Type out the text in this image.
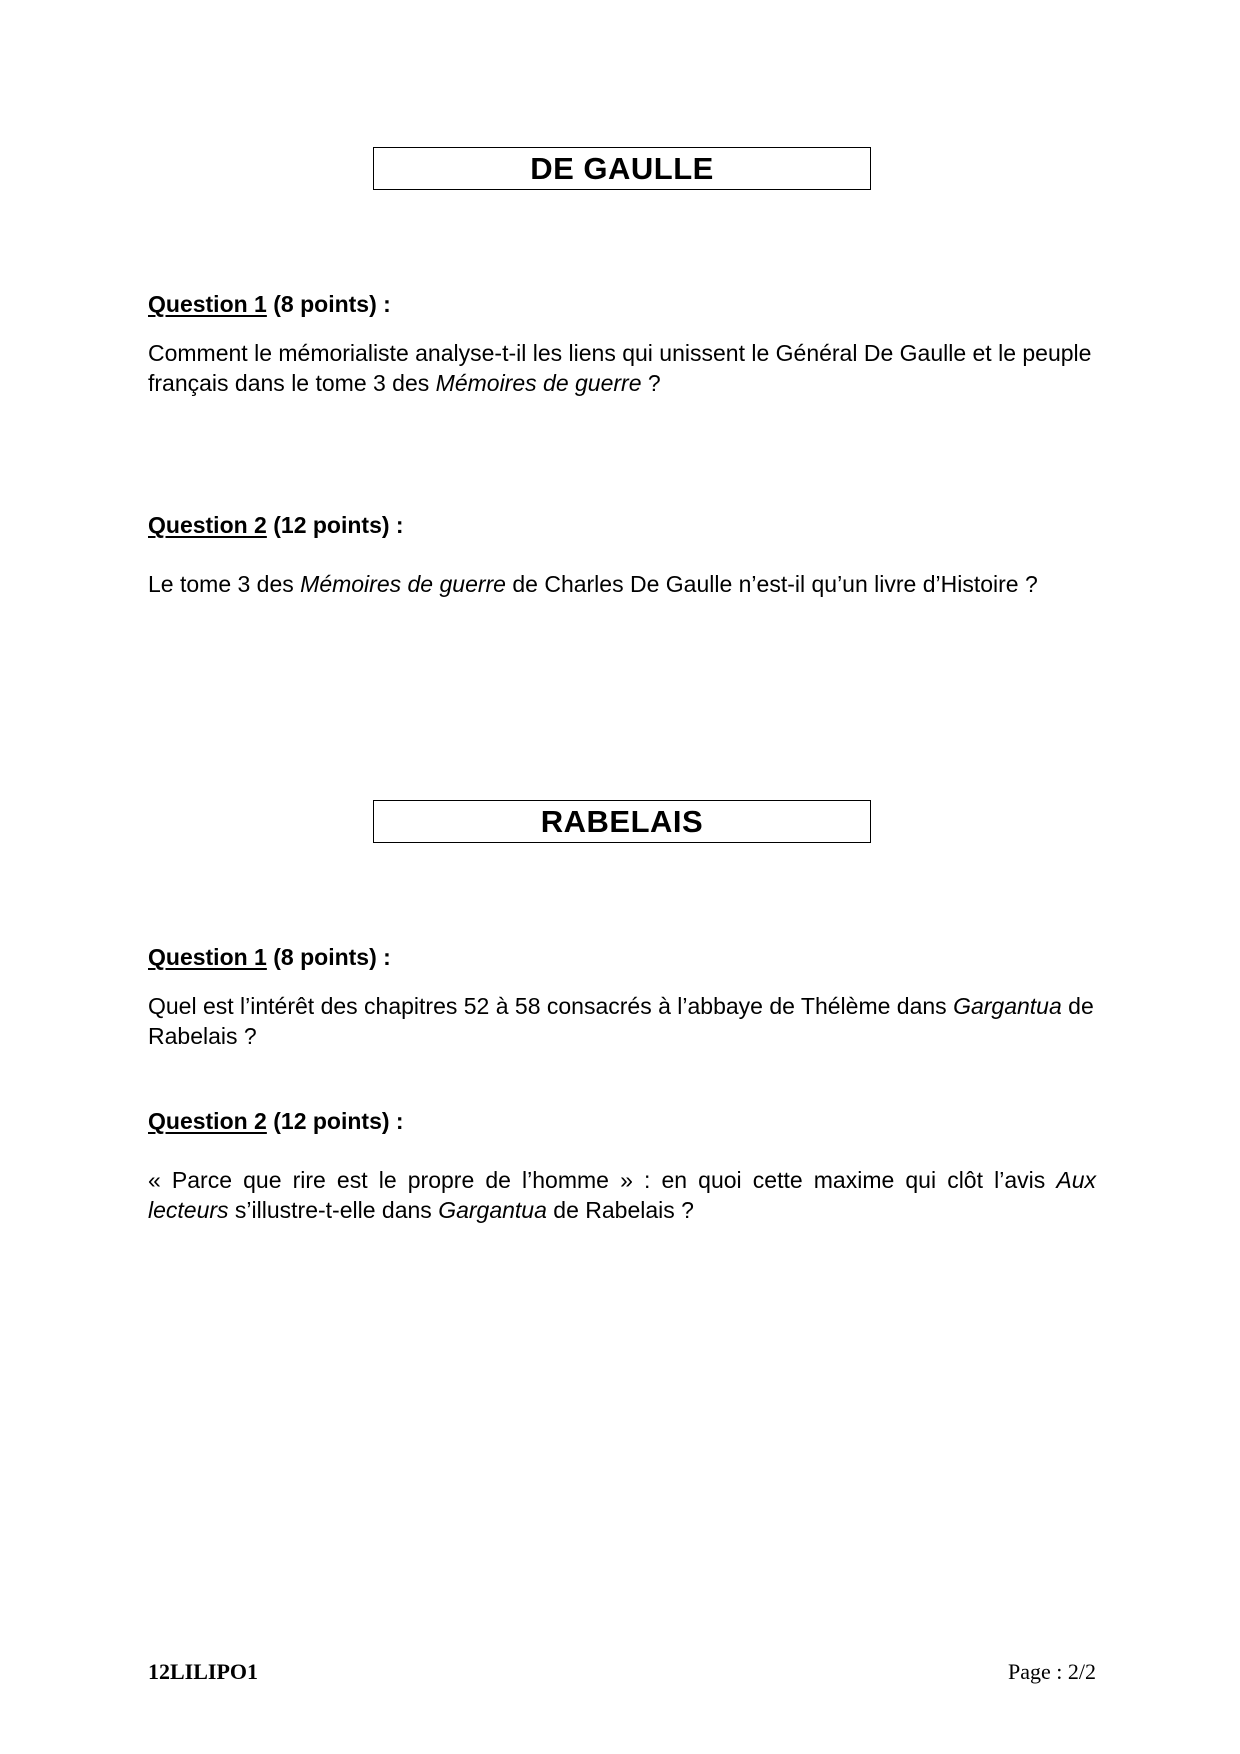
DE GAULLE
Question 1 (8 points) :

Comment le mémorialiste analyse-t-il les liens qui unissent le Général De Gaulle et le peuple français dans le tome 3 des Mémoires de guerre ?

Question 2 (12 points) :

Le tome 3 des Mémoires de guerre de Charles De Gaulle n’est-il qu’un livre d’Histoire ?

RABELAIS
Question 1 (8 points) :

Quel est l’intérêt des chapitres 52 à 58 consacrés à l’abbaye de Thélème dans Gargantua de Rabelais ?

Question 2 (12 points) :

« Parce que rire est le propre de l’homme » : en quoi cette maxime qui clôt l’avis Aux lecteurs s’illustre-t-elle dans Gargantua de Rabelais ?

12LILIPO1	Page : 2/2
